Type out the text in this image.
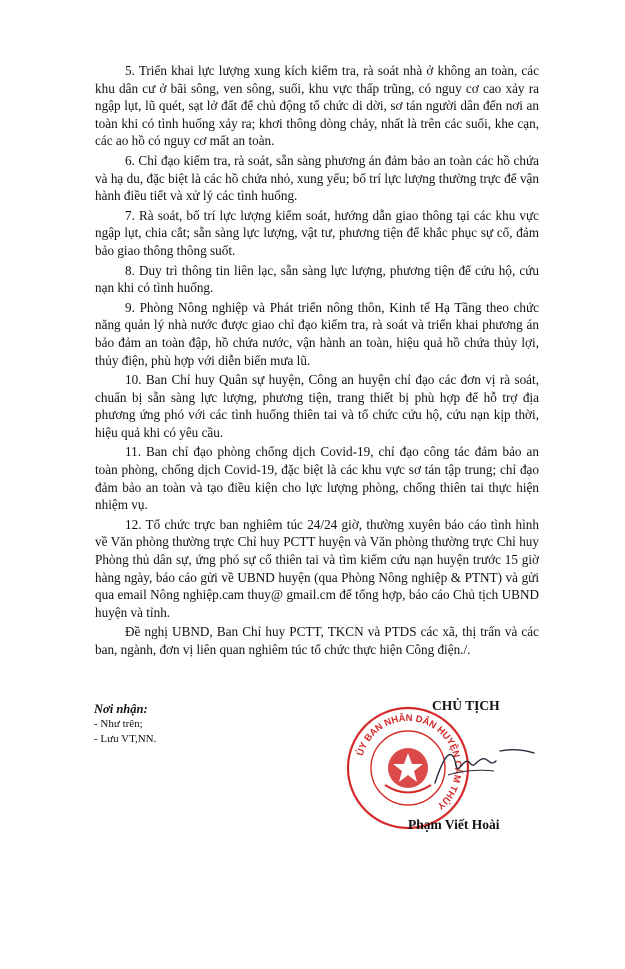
5. Triển khai lực lượng xung kích kiểm tra, rà soát nhà ở không an toàn, các khu dân cư ở bãi sông, ven sông, suối, khu vực thấp trũng, có nguy cơ cao xảy ra ngập lụt, lũ quét, sạt lở đất để chủ động tổ chức di dời, sơ tán người dân đến nơi an toàn khi có tình huống xảy ra; khơi thông dòng chảy, nhất là trên các suối, khe cạn, các ao hồ có nguy cơ mất an toàn.

6. Chỉ đạo kiểm tra, rà soát, sẵn sàng phương án đảm bảo an toàn các hồ chứa và hạ du, đặc biệt là các hồ chứa nhỏ, xung yếu; bố trí lực lượng thường trực để vận hành điều tiết và xử lý các tình huống.

7. Rà soát, bố trí lực lượng kiểm soát, hướng dẫn giao thông tại các khu vực ngập lụt, chia cắt; sẵn sàng lực lượng, vật tư, phương tiện để khắc phục sự cố, đảm bảo giao thông thông suốt.

8. Duy trì thông tin liên lạc, sẵn sàng lực lượng, phương tiện để cứu hộ, cứu nạn khi có tình huống.

9. Phòng Nông nghiệp và Phát triển nông thôn, Kinh tế Hạ Tầng theo chức năng quản lý nhà nước được giao chỉ đạo kiểm tra, rà soát và triển khai phương án bảo đảm an toàn đập, hồ chứa nước, vận hành an toàn, hiệu quả hồ chứa thủy lợi, thủy điện, phù hợp với diễn biến mưa lũ.

10. Ban Chỉ huy Quân sự huyện, Công an huyện chỉ đạo các đơn vị rà soát, chuẩn bị sẵn sàng lực lượng, phương tiện, trang thiết bị phù hợp để hỗ trợ địa phương ứng phó với các tình huống thiên tai và tổ chức cứu hộ, cứu nạn kịp thời, hiệu quả khi có yêu cầu.

11. Ban chỉ đạo phòng chống dịch Covid-19, chỉ đạo công tác đảm bảo an toàn phòng, chống dịch Covid-19, đặc biệt là các khu vực sơ tán tập trung; chỉ đạo đảm bảo an toàn và tạo điều kiện cho lực lượng phòng, chống thiên tai thực hiện nhiệm vụ.

12. Tổ chức trực ban nghiêm túc 24/24 giờ, thường xuyên báo cáo tình hình về Văn phòng thường trực Chỉ huy PCTT huyện và Văn phòng thường trực Chỉ huy Phòng thủ dân sự, ứng phó sự cố thiên tai và tìm kiếm cứu nạn huyện trước 15 giờ hàng ngày, báo cáo gửi về UBND huyện (qua Phòng Nông nghiệp & PTNT) và gửi qua email Nông nghiệp.cam thuy@ gmail.cm để tổng hợp, báo cáo Chủ tịch UBND huyện và tỉnh.

Đề nghị UBND, Ban Chỉ huy PCTT, TKCN và PTDS các xã, thị trấn và các ban, ngành, đơn vị liên quan nghiêm túc tổ chức thực hiện Công điện./.

Nơi nhận:
- Như trên;
- Lưu VT,NN.
CHỦ TỊCH
ỦY BAN NHÂN DÂN HUYỆN CẨM THỦY
Phạm Viết Hoài
